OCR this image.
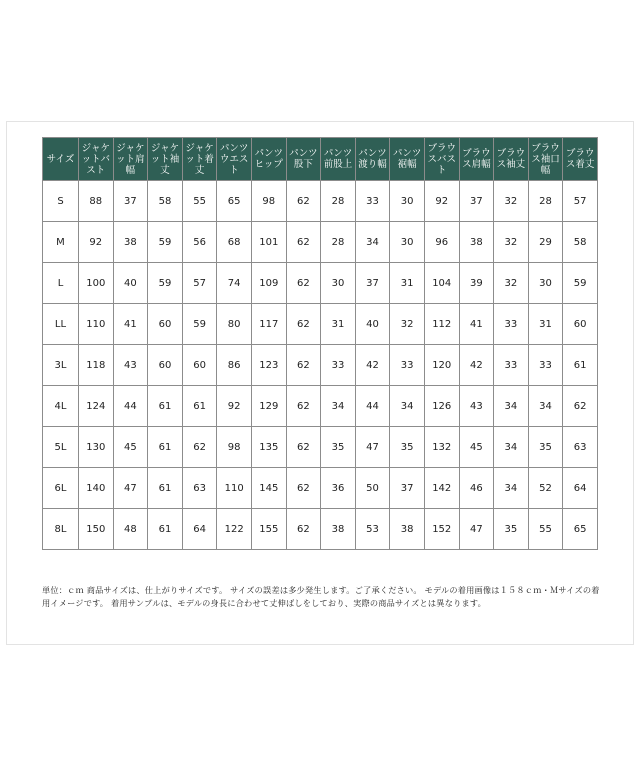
サイズ	ジャケットバスト	ジャケット肩幅	ジャケット袖丈	ジャケット着丈	パンツウエスト	パンツヒップ	パンツ股下	パンツ前股上	パンツ渡り幅	パンツ裾幅	ブラウスバスト	ブラウス肩幅	ブラウス袖丈	ブラウス袖口幅	ブラウス着丈
S	88	37	58	55	65	98	62	28	33	30	92	37	32	28	57
M	92	38	59	56	68	101	62	28	34	30	96	38	32	29	58
L	100	40	59	57	74	109	62	30	37	31	104	39	32	30	59
LL	110	41	60	59	80	117	62	31	40	32	112	41	33	31	60
3L	118	43	60	60	86	123	62	33	42	33	120	42	33	33	61
4L	124	44	61	61	92	129	62	34	44	34	126	43	34	34	62
5L	130	45	61	62	98	135	62	35	47	35	132	45	34	35	63
6L	140	47	61	63	110	145	62	36	50	37	142	46	34	52	64
8L	150	48	61	64	122	155	62	38	53	38	152	47	35	55	65
単位：ｃｍ 商品サイズは、仕上がりサイズです。 サイズの誤差は多少発生します。ご了承ください。 モデルの着用画像は１５８ｃｍ・Ｍサイズの着用イメージです。 着用サンプルは、モデルの身長に合わせて丈伸ばしをしており、実際の商品サイズとは異なります。
